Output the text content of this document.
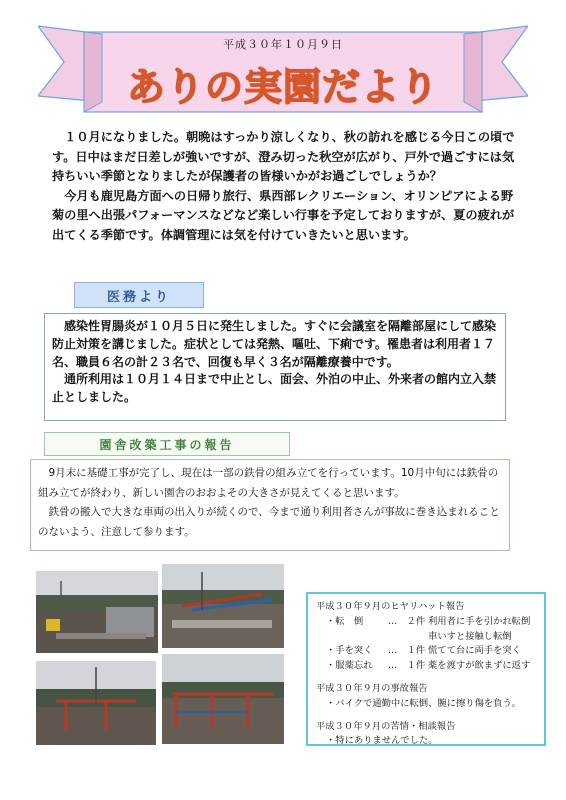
平成３０年１０月９日
ありの実園だより

１０月になりました。朝晩はすっかり涼しくなり、秋の訪れを感じる今日この頃です。日中はまだ日差しが強いですが、澄み切った秋空が広がり、戸外で過ごすには気持ちいい季節となりましたが保護者の皆様いかがお過ごしでしょうか？

今月も鹿児島方面への日帰り旅行、県西部レクリエーション、オリンピアによる野菊の里へ出張パフォーマンスなどなど楽しい行事を予定しておりますが、夏の疲れが出てくる季節です。体調管理には気を付けていきたいと思います。

医務より

感染性胃腸炎が１０月５日に発生しました。すぐに会議室を隔離部屋にして感染防止対策を講じました。症状としては発熱、嘔吐、下痢です。罹患者は利用者１７名、職員６名の計２３名で、回復も早く３名が隔離療養中です。

通所利用は１０月１４日まで中止とし、面会、外泊の中止、外来者の館内立入禁止としました。

園舎改築工事の報告

9月末に基礎工事が完了し、現在は一部の鉄骨の組み立てを行っています。10月中旬には鉄骨の組み立てが終わり、新しい園舎のおおよその大きさが見えてくると思います。

鉄骨の搬入で大きな車両の出入りが続くので、今まで通り利用者さんが事故に巻き込まれることのないよう、注意して参ります。

平成３０年９月のヒヤリハット報告
・転　倒	…　２件 利用者に手を引かれ転倒　車いすと接触し転倒
・手を突く	…　１件 慌てて台に両手を突く
・服薬忘れ	…　１件 薬を渡すが飲まずに返す
平成３０年９月の事故報告
・バイクで通勤中に転倒、腕に擦り傷を負う。
平成３０年９月の苦情・相談報告
・特にありませんでした。
